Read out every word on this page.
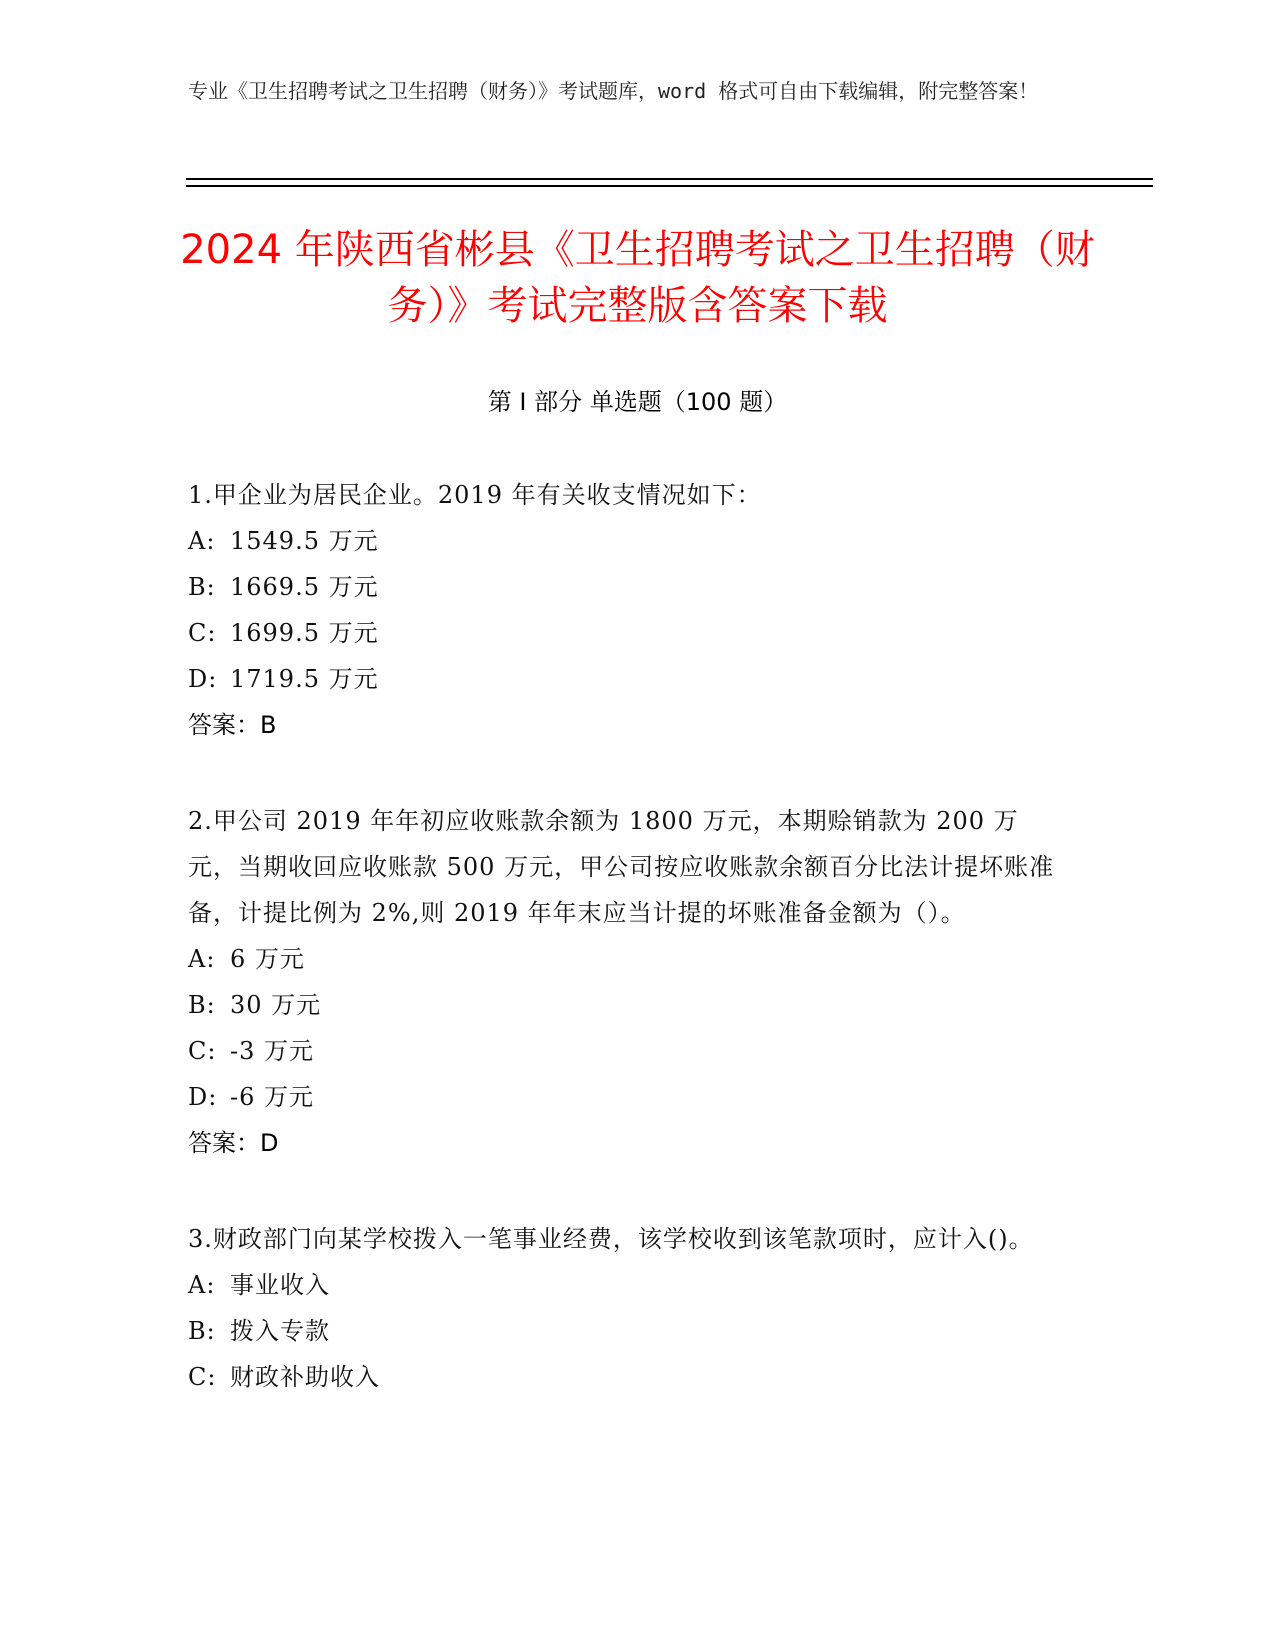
专业《卫生招聘考试之卫生招聘（财务）》考试题库，word 格式可自由下载编辑，附完整答案！
2024 年陕西省彬县《卫生招聘考试之卫生招聘（财务）》考试完整版含答案下载
第 I 部分 单选题（100 题）
1.甲企业为居民企业。2019 年有关收支情况如下：
A: 1549.5 万元
B: 1669.5 万元
C: 1699.5 万元
D: 1719.5 万元
答案：B
2.甲公司 2019 年年初应收账款余额为 1800 万元，本期赊销款为 200 万元，当期收回应收账款 500 万元，甲公司按应收账款余额百分比法计提坏账准备，计提比例为 2%,则 2019 年年末应当计提的坏账准备金额为（）。
A: 6 万元
B: 30 万元
C: -3 万元
D: -6 万元
答案：D
3.财政部门向某学校拨入一笔事业经费，该学校收到该笔款项时，应计入()。
A: 事业收入
B: 拨入专款
C: 财政补助收入
